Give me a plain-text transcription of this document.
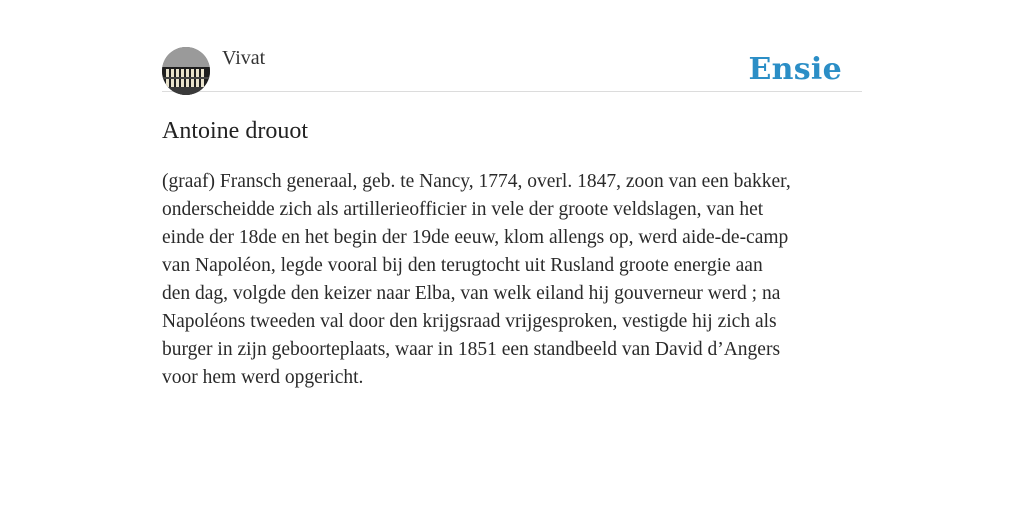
Vivat	Ensie
Antoine drouot
(graaf) Fransch generaal, geb. te Nancy, 1774, overl. 1847, zoon van een bakker,
onderscheidde zich als artillerieofficier in vele der groote veldslagen, van het
einde der 18de en het begin der 19de eeuw, klom allengs op, werd aide-de-camp
van Napoléon, legde vooral bij den terugtocht uit Rusland groote energie aan
den dag, volgde den keizer naar Elba, van welk eiland hij gouverneur werd ; na
Napoléons tweeden val door den krijgsraad vrijgesproken, vestigde hij zich als
burger in zijn geboorteplaats, waar in 1851 een standbeeld van David d’Angers
voor hem werd opgericht.
